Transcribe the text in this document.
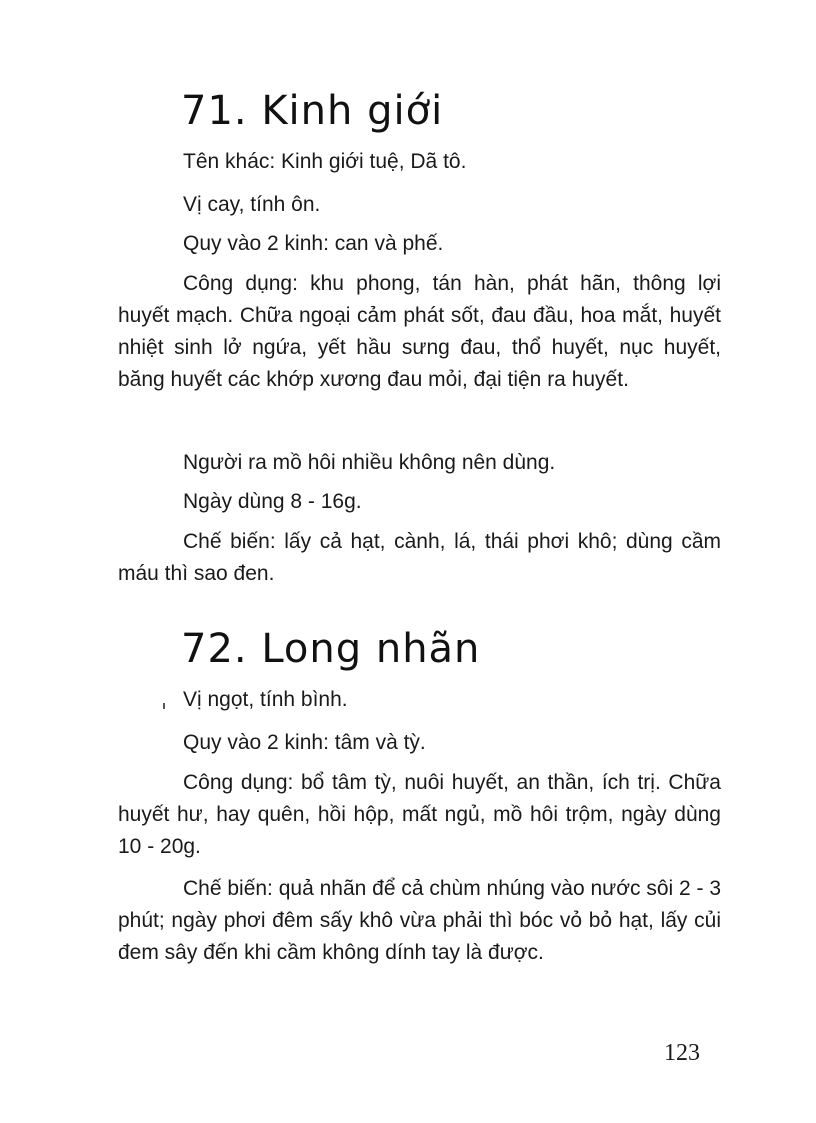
71. Kinh giới

Tên khác: Kinh giới tuệ, Dã tô.

Vị cay, tính ôn.

Quy vào 2 kinh: can và phế.

Công dụng: khu phong, tán hàn, phát hãn, thông lợi huyết mạch. Chữa ngoại cảm phát sốt, đau đầu, hoa mắt, huyết nhiệt sinh lở ngứa, yết hầu sưng đau, thổ huyết, nục huyết, băng huyết các khớp xương đau mỏi, đại tiện ra huyết.

Người ra mồ hôi nhiều không nên dùng.

Ngày dùng 8 - 16g.

Chế biến: lấy cả hạt, cành, lá, thái phơi khô; dùng cầm máu thì sao đen.

72. Long nhãn

Vị ngọt, tính bình.

Quy vào 2 kinh: tâm và tỳ.

Công dụng: bổ tâm tỳ, nuôi huyết, an thần, ích trị. Chữa huyết hư, hay quên, hồi hộp, mất ngủ, mồ hôi trộm, ngày dùng 10 - 20g.

Chế biến: quả nhãn để cả chùm nhúng vào nước sôi 2 - 3 phút; ngày phơi đêm sấy khô vừa phải thì bóc vỏ bỏ hạt, lấy củi đem sây đến khi cầm không dính tay là được.

123
